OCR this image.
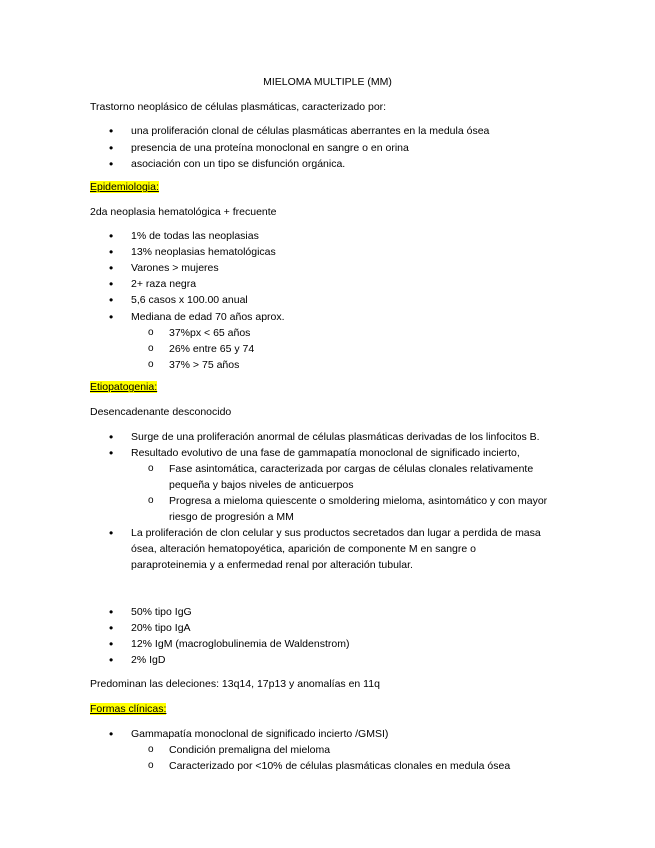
MIELOMA MULTIPLE (MM)
Trastorno neoplásico de células plasmáticas, caracterizado por:
• una proliferación clonal de células plasmáticas aberrantes en la medula ósea
• presencia de una proteína monoclonal en sangre o en orina
• asociación con un tipo se disfunción orgánica.
Epidemiologia:
2da neoplasia hematológica + frecuente
• 1% de todas las neoplasias
• 13% neoplasias hematológicas
• Varones > mujeres
• 2+ raza negra
• 5,6 casos x 100.00 anual
• Mediana de edad 70 años aprox.
o 37%px < 65 años
o 26% entre 65 y 74
o 37% > 75 años
Etiopatogenia:
Desencadenante desconocido
• Surge de una proliferación anormal de células plasmáticas derivadas de los linfocitos B.
• Resultado evolutivo de una fase de gammapatía monoclonal de significado incierto,
o Fase asintomática, caracterizada por cargas de células clonales relativamente
pequeña y bajos niveles de anticuerpos
o Progresa a mieloma quiescente o smoldering mieloma, asintomático y con mayor
riesgo de progresión a MM
• La proliferación de clon celular y sus productos secretados dan lugar a perdida de masa
ósea, alteración hematopoyética, aparición de componente M en sangre o
paraproteinemia y a enfermedad renal por alteración tubular.
• 50% tipo IgG
• 20% tipo IgA
• 12% IgM (macroglobulinemia de Waldenstrom)
• 2% IgD
Predominan las deleciones: 13q14, 17p13 y anomalías en 11q
Formas clínicas:
• Gammapatía monoclonal de significado incierto /GMSI)
o Condición premaligna del mieloma
o Caracterizado por <10% de células plasmáticas clonales en medula ósea
